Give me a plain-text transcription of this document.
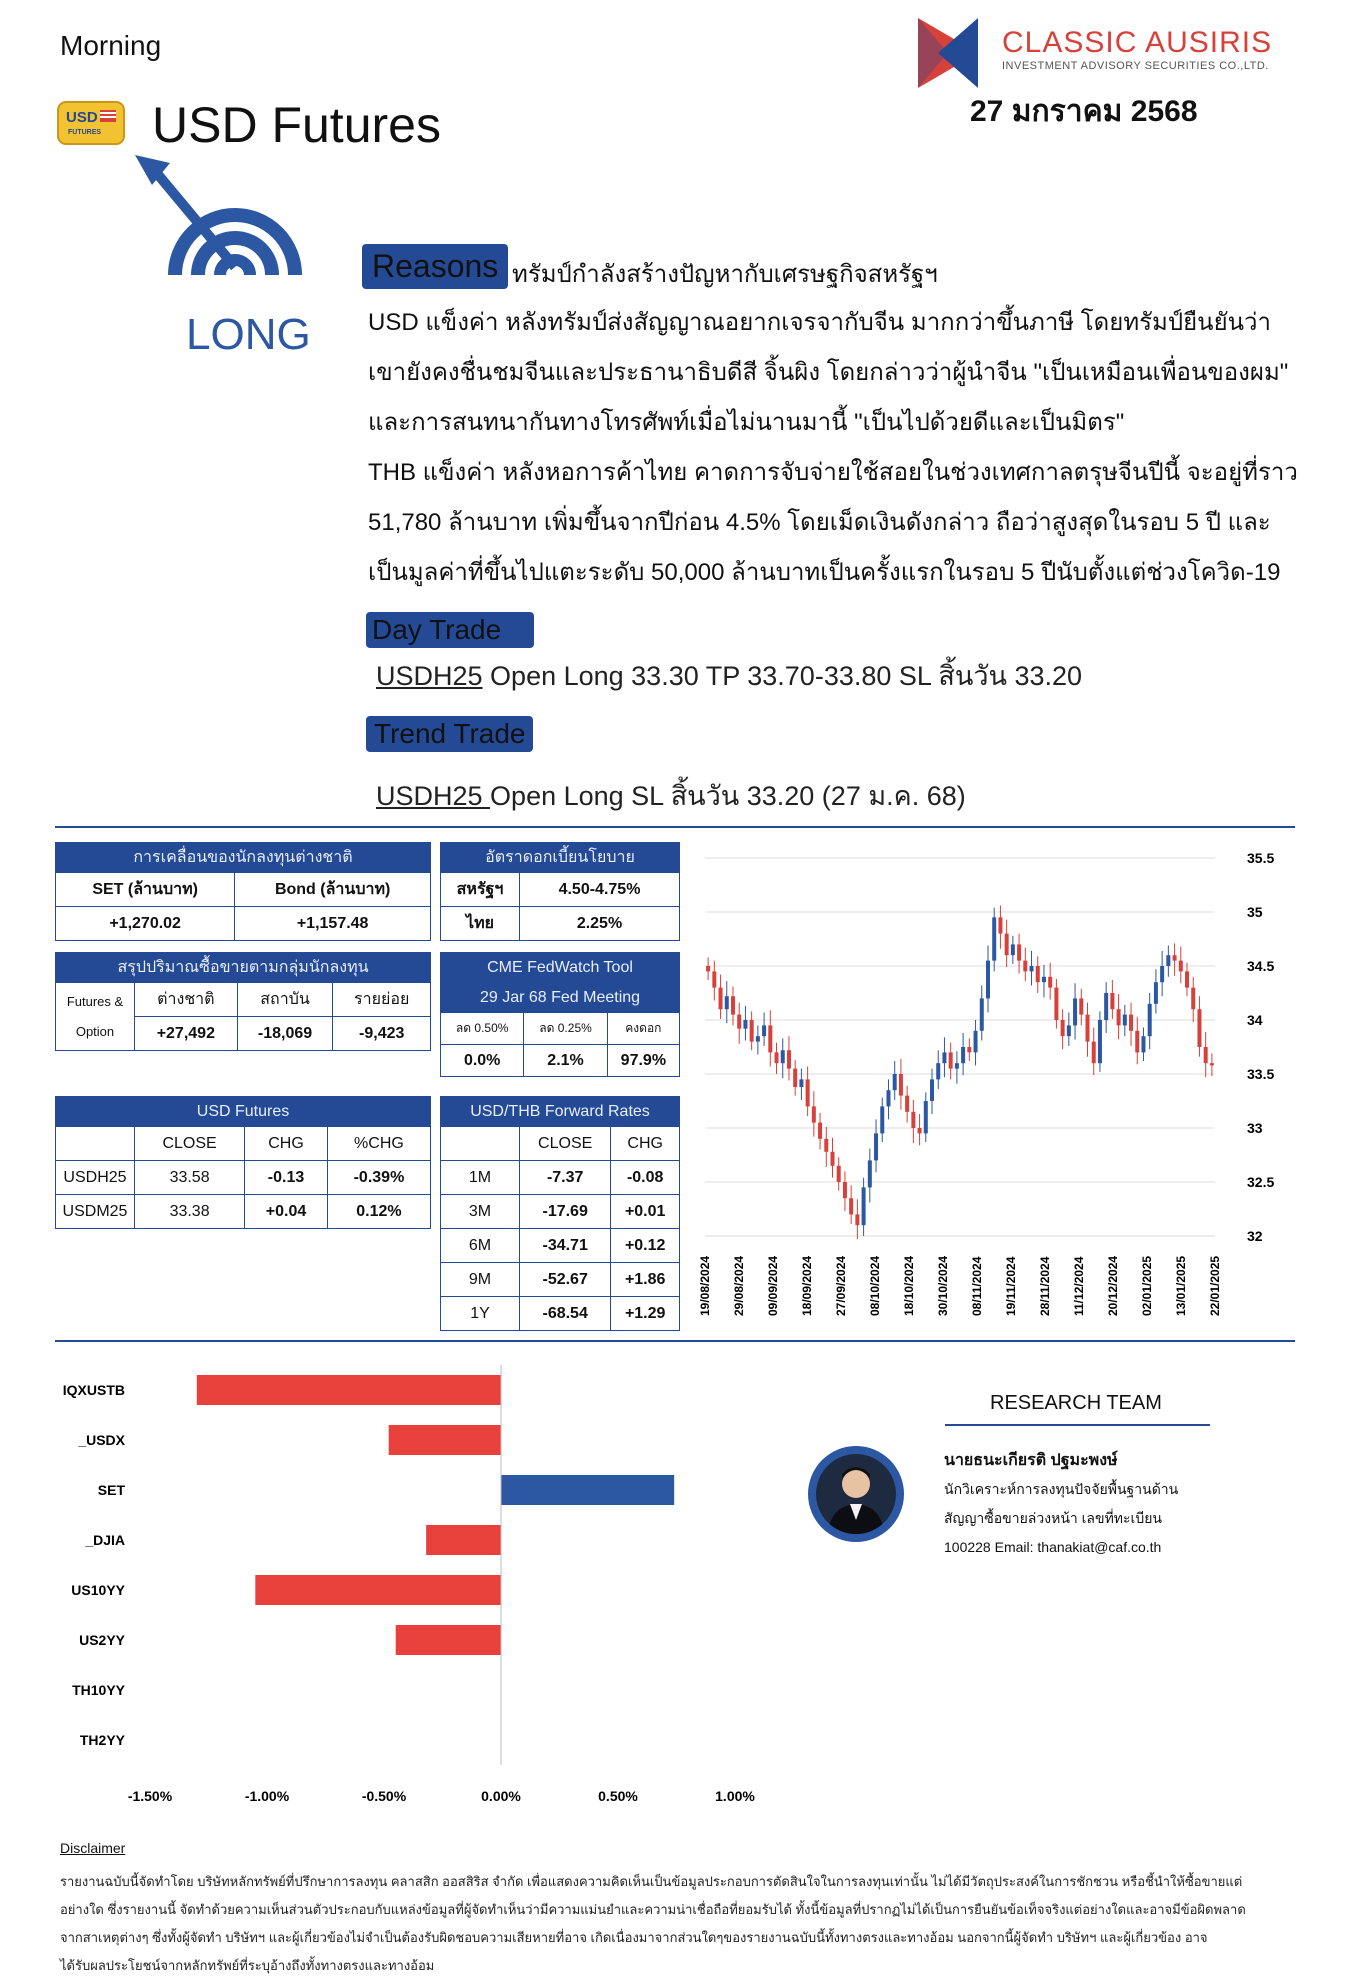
Morning	CLASSIC AUSIRIS
INVESTMENT ADVISORY SECURITIES CO.,LTD.
27 มกราคม 2568
USD
FUTURES USD Futures
LONG
Reasons ทรัมป์กำลังสร้างปัญหากับเศรษฐกิจสหรัฐฯ
USD แข็งค่า หลังทรัมป์ส่งสัญญาณอยากเจรจากับจีน มากกว่าขึ้นภาษี โดยทรัมป์ยืนยันว่า
เขายังคงชื่นชมจีนและประธานาธิบดีสี จิ้นผิง โดยกล่าวว่าผู้นำจีน "เป็นเหมือนเพื่อนของผม"
และการสนทนากันทางโทรศัพท์เมื่อไม่นานมานี้ "เป็นไปด้วยดีและเป็นมิตร"
THB แข็งค่า หลังหอการค้าไทย คาดการจับจ่ายใช้สอยในช่วงเทศกาลตรุษจีนปีนี้ จะอยู่ที่ราว
51,780 ล้านบาท เพิ่มขึ้นจากปีก่อน 4.5% โดยเม็ดเงินดังกล่าว ถือว่าสูงสุดในรอบ 5 ปี และ
เป็นมูลค่าที่ขึ้นไปแตะระดับ 50,000 ล้านบาทเป็นครั้งแรกในรอบ 5 ปีนับตั้งแต่ช่วงโควิด-19
Day Trade
USDH25 Open Long 33.30 TP 33.70-33.80 SL สิ้นวัน 33.20
Trend Trade
USDH25 Open Long SL สิ้นวัน 33.20 (27 ม.ค. 68)
การเคลื่อนของนักลงทุนต่างชาติ	
SET (ล้านบาท)	Bond (ล้านบาท)
+1,270.02	+1,157.48
อัตราดอกเบี้ยนโยบาย	
สหรัฐฯ	4.50-4.75%
ไทย	2.25%
สรุปปริมาณซื้อขายตามกลุ่มนักลงทุน			

Futures &
Option	ต่างชาติ	สถาบัน	รายย่อย
	+27,492	-18,069	-9,423
CME FedWatch Tool		
29 Jar 68 Fed Meeting		
ลด 0.50%	ลด 0.25%	คงดอก
0.0%	2.1%	97.9%
USD Futures			
	CLOSE	CHG	%CHG
USDH25	33.58	-0.13	-0.39%
USDM25	33.38	+0.04	0.12%
USD/THB Forward Rates		
	CLOSE	CHG
1M	-7.37	-0.08
3M	-17.69	+0.01
6M	-34.71	+0.12
9M	-52.67	+1.86
1Y	-68.54	+1.29
35.5
35
34.5
34
33.5
33
32.5
32
19/08/2024 29/08/2024 09/09/2024 18/09/2024 27/09/2024 08/10/2024 18/10/2024 30/10/2024 08/11/2024 19/11/2024 28/11/2024 11/12/2024 20/12/2024 02/01/2025 13/01/2025 22/01/2025
IQXUSTB
_USDX
SET
_DJIA
US10YY
US2YY
TH10YY
TH2YY
-1.50%	-1.00%	-0.50%	0.00%	0.50%	1.00%
RESEARCH TEAM
นายธนะเกียรติ ปฐมะพงษ์
นักวิเคราะห์การลงทุนปัจจัยพื้นฐานด้าน
สัญญาซื้อขายล่วงหน้า เลขที่ทะเบียน
100228 Email: thanakiat@caf.co.th
Disclaimer
รายงานฉบับนี้จัดทำโดย บริษัทหลักทรัพย์ที่ปรึกษาการลงทุน คลาสสิก ออสสิริส จำกัด เพื่อแสดงความคิดเห็นเป็นข้อมูลประกอบการตัดสินใจในการลงทุนเท่านั้น ไม่ได้มีวัตถุประสงค์ในการชักชวน หรือชี้นำให้ซื้อขายแต่
อย่างใด ซึ่งรายงานนี้ จัดทำด้วยความเห็นส่วนตัวประกอบกับแหล่งข้อมูลที่ผู้จัดทำเห็นว่ามีความแม่นยำและความน่าเชื่อถือที่ยอมรับได้ ทั้งนี้ข้อมูลที่ปรากฏไม่ได้เป็นการยืนยันข้อเท็จจริงแต่อย่างใดและอาจมีข้อผิดพลาด
จากสาเหตุต่างๆ ซึ่งทั้งผู้จัดทำ บริษัทฯ และผู้เกี่ยวข้องไม่จำเป็นต้องรับผิดชอบความเสียหายที่อาจ เกิดเนื่องมาจากส่วนใดๆของรายงานฉบับนี้ทั้งทางตรงและทางอ้อม นอกจากนี้ผู้จัดทำ บริษัทฯ และผู้เกี่ยวข้อง อาจ
ได้รับผลประโยชน์จากหลักทรัพย์ที่ระบุอ้างถึงทั้งทางตรงและทางอ้อม
